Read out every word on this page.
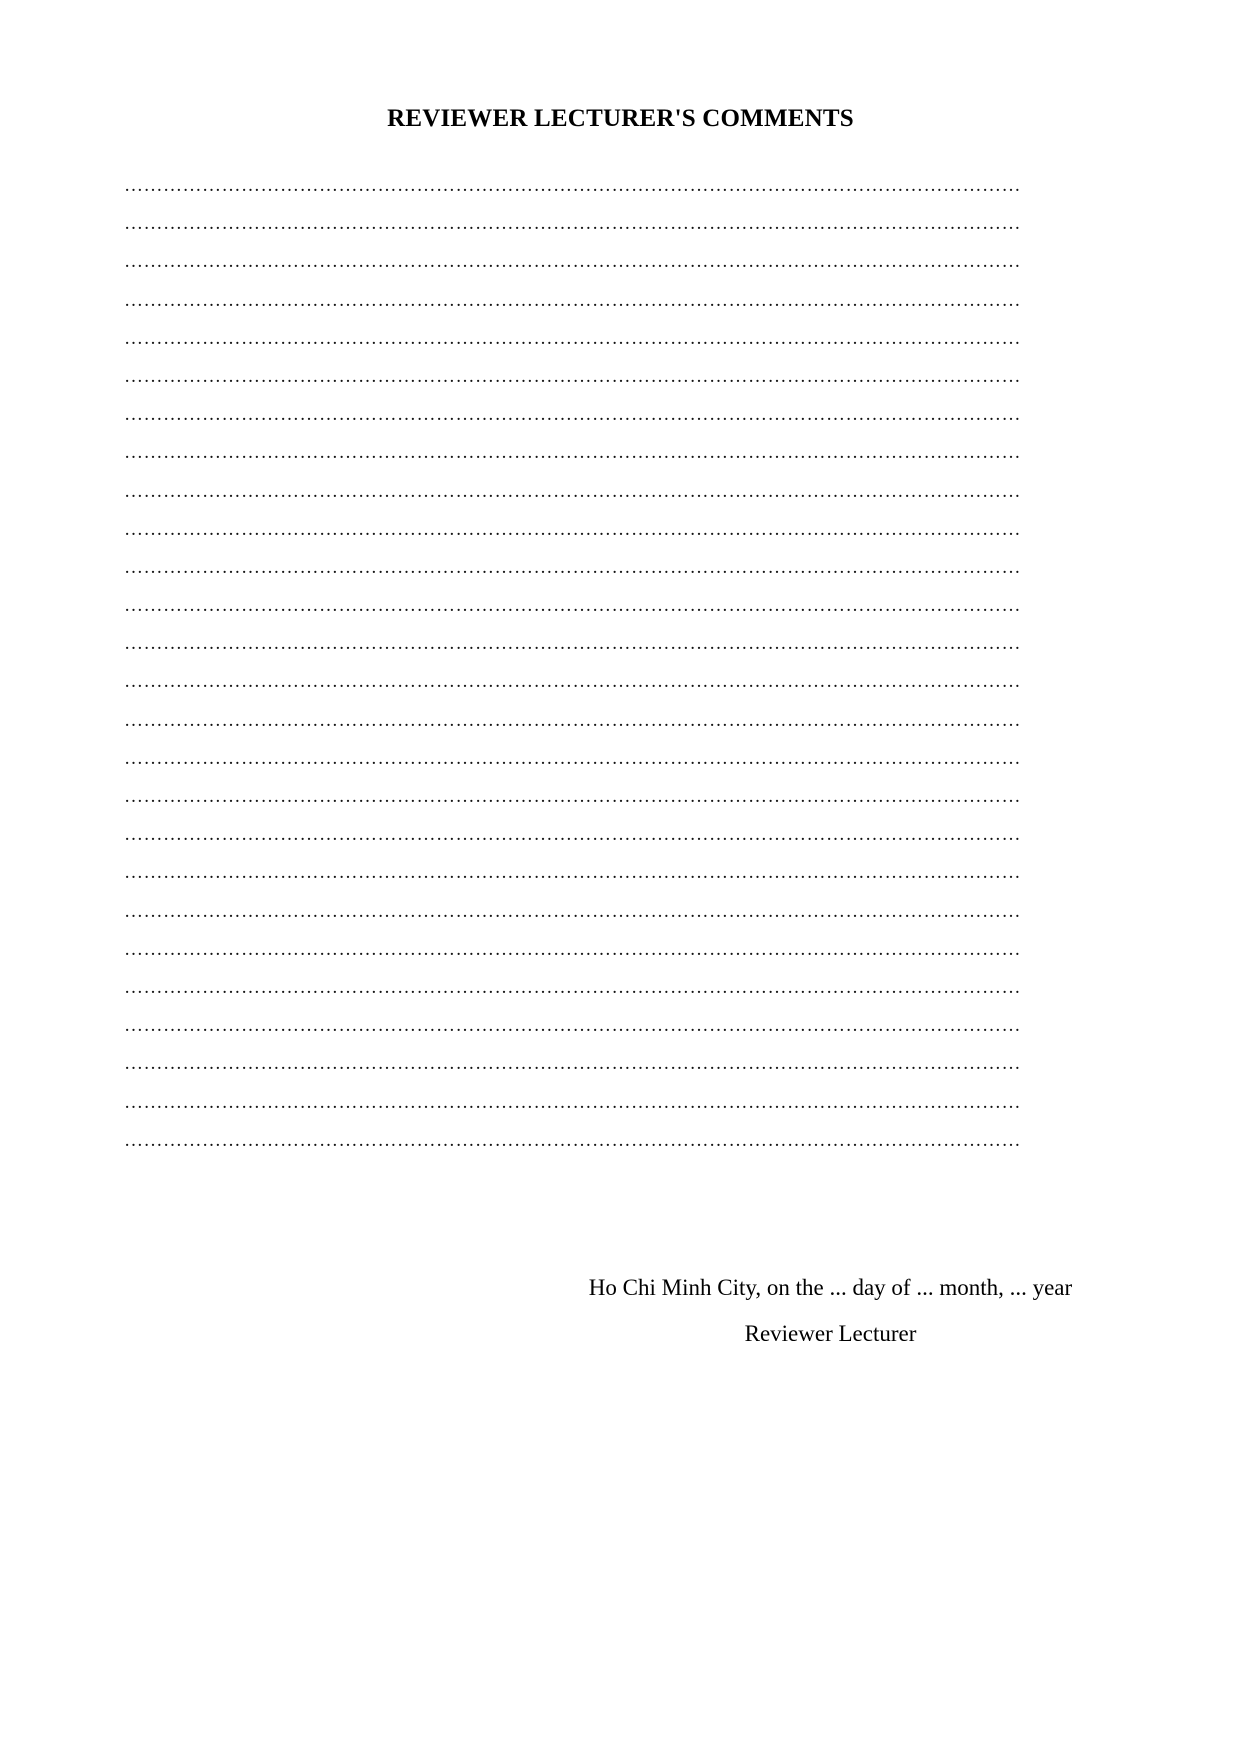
REVIEWER LECTURER'S COMMENTS
…………………………………………………………………………………………………………………………
…………………………………………………………………………………………………………………………
…………………………………………………………………………………………………………………………
…………………………………………………………………………………………………………………………
…………………………………………………………………………………………………………………………
…………………………………………………………………………………………………………………………
…………………………………………………………………………………………………………………………
…………………………………………………………………………………………………………………………
…………………………………………………………………………………………………………………………
…………………………………………………………………………………………………………………………
…………………………………………………………………………………………………………………………
…………………………………………………………………………………………………………………………
…………………………………………………………………………………………………………………………
…………………………………………………………………………………………………………………………
…………………………………………………………………………………………………………………………
…………………………………………………………………………………………………………………………
…………………………………………………………………………………………………………………………
…………………………………………………………………………………………………………………………
…………………………………………………………………………………………………………………………
…………………………………………………………………………………………………………………………
…………………………………………………………………………………………………………………………
…………………………………………………………………………………………………………………………
…………………………………………………………………………………………………………………………
…………………………………………………………………………………………………………………………
…………………………………………………………………………………………………………………………
…………………………………………………………………………………………………………………………
Ho Chi Minh City, on the ... day of ... month, ... year
Reviewer Lecturer
